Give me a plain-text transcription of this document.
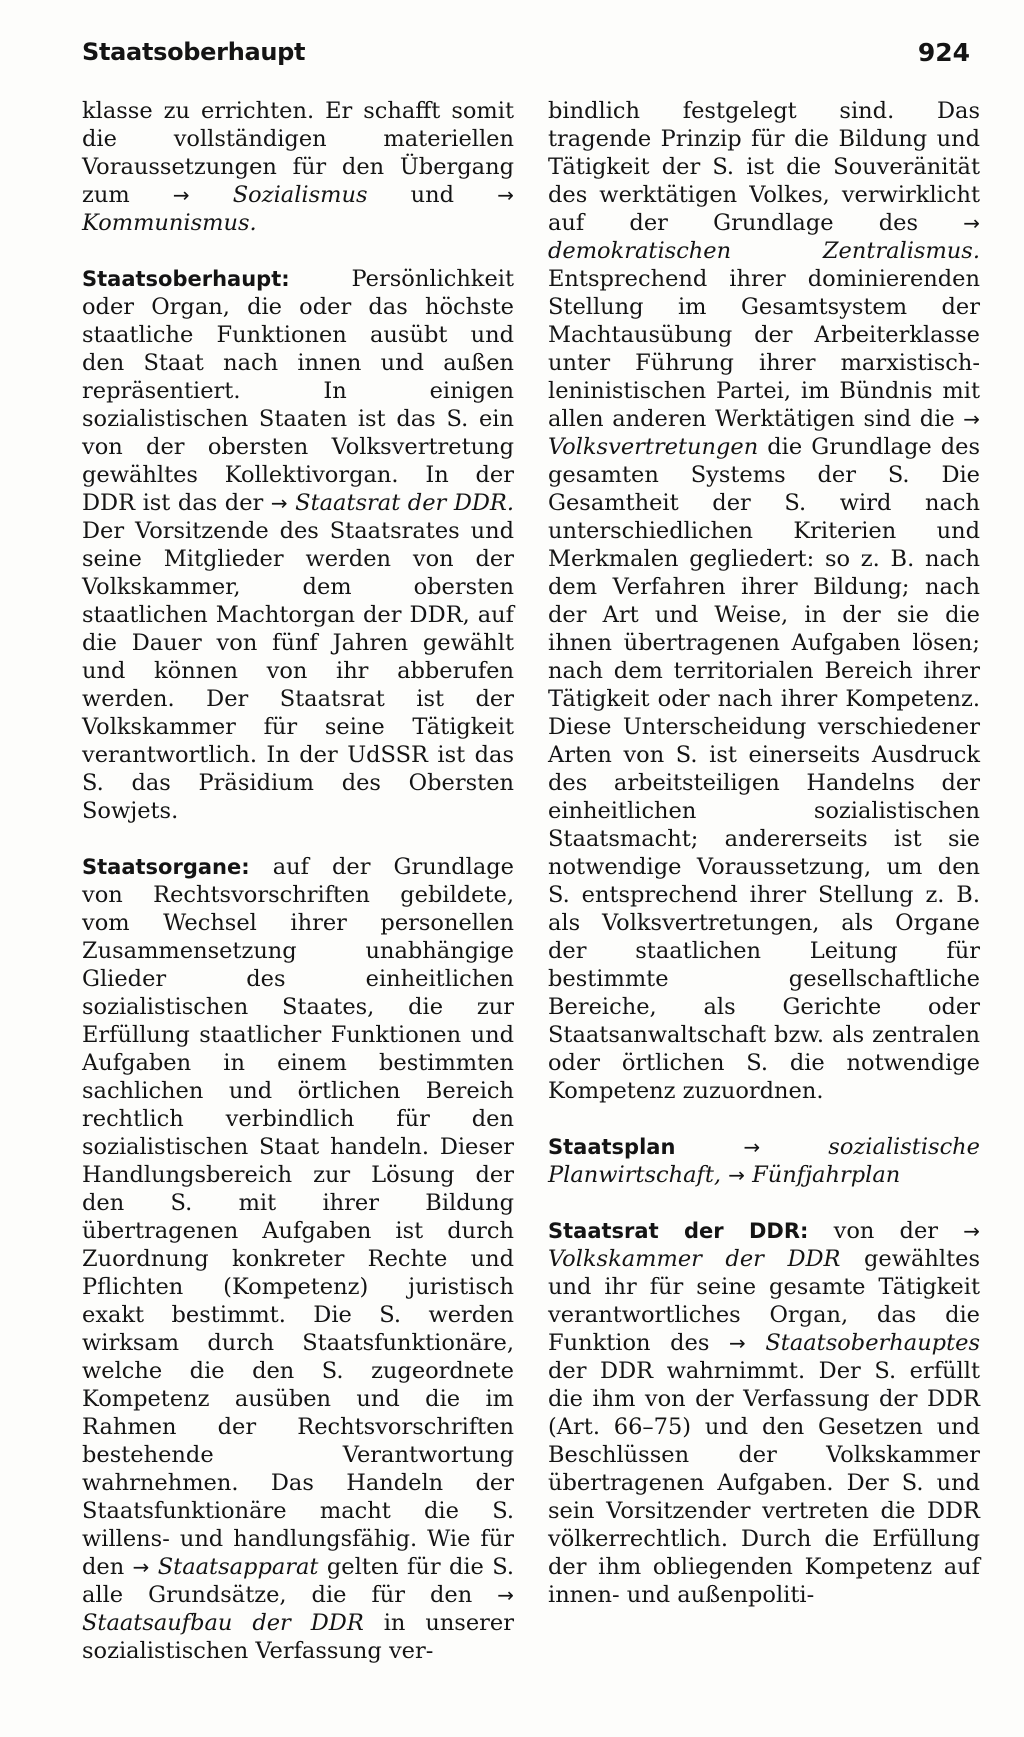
Staatsoberhaupt	924

klasse zu errichten. Er schafft somit die vollständigen materiellen Voraussetzungen für den Übergang zum → Sozialismus und → Kommunismus.

Staatsoberhaupt: Persönlichkeit oder Organ, die oder das höchste staatliche Funktionen ausübt und den Staat nach innen und außen repräsentiert. In einigen sozialistischen Staaten ist das S. ein von der obersten Volksvertretung gewähltes Kollektivorgan. In der DDR ist das der → Staatsrat der DDR. Der Vorsitzende des Staatsrates und seine Mitglieder werden von der Volkskammer, dem obersten staatlichen Machtorgan der DDR, auf die Dauer von fünf Jahren gewählt und können von ihr abberufen werden. Der Staatsrat ist der Volkskammer für seine Tätigkeit verantwortlich. In der UdSSR ist das S. das Präsidium des Obersten Sowjets.

Staatsorgane: auf der Grundlage von Rechtsvorschriften gebildete, vom Wechsel ihrer personellen Zusammensetzung unabhängige Glieder des einheitlichen sozialistischen Staates, die zur Erfüllung staatlicher Funktionen und Aufgaben in einem bestimmten sachlichen und örtlichen Bereich rechtlich verbindlich für den sozialistischen Staat handeln. Dieser Handlungsbereich zur Lösung der den S. mit ihrer Bildung übertragenen Aufgaben ist durch Zuordnung konkreter Rechte und Pflichten (Kompetenz) juristisch exakt bestimmt. Die S. werden wirksam durch Staatsfunktionäre, welche die den S. zugeordnete Kompetenz ausüben und die im Rahmen der Rechtsvorschriften bestehende Verantwortung wahrnehmen. Das Handeln der Staatsfunktionäre macht die S. willens- und handlungsfähig. Wie für den → Staatsapparat gelten für die S. alle Grundsätze, die für den → Staatsaufbau der DDR in unserer sozialistischen Verfassung ver-

bindlich festgelegt sind. Das tragende Prinzip für die Bildung und Tätigkeit der S. ist die Souveränität des werktätigen Volkes, verwirklicht auf der Grundlage des → demokratischen Zentralismus. Entsprechend ihrer dominierenden Stellung im Gesamtsystem der Machtausübung der Arbeiterklasse unter Führung ihrer marxistisch-leninistischen Partei, im Bündnis mit allen anderen Werktätigen sind die → Volksvertretungen die Grundlage des gesamten Systems der S. Die Gesamtheit der S. wird nach unterschiedlichen Kriterien und Merkmalen gegliedert: so z. B. nach dem Verfahren ihrer Bildung; nach der Art und Weise, in der sie die ihnen übertragenen Aufgaben lösen; nach dem territorialen Bereich ihrer Tätigkeit oder nach ihrer Kompetenz. Diese Unterscheidung verschiedener Arten von S. ist einerseits Ausdruck des arbeitsteiligen Handelns der einheitlichen sozialistischen Staatsmacht; andererseits ist sie notwendige Voraussetzung, um den S. entsprechend ihrer Stellung z. B. als Volksvertretungen, als Organe der staatlichen Leitung für bestimmte gesellschaftliche Bereiche, als Gerichte oder Staatsanwaltschaft bzw. als zentralen oder örtlichen S. die notwendige Kompetenz zuzuordnen.

Staatsplan	→	sozialistische Planwirtschaft, → Fünfjahrplan

Staatsrat der DDR: von der → Volkskammer der DDR gewähltes und ihr für seine gesamte Tätigkeit verantwortliches Organ, das die Funktion des → Staatsoberhauptes der DDR wahrnimmt. Der S. erfüllt die ihm von der Verfassung der DDR (Art. 66–75) und den Gesetzen und Beschlüssen der Volkskammer übertragenen Aufgaben. Der S. und sein Vorsitzender vertreten die DDR völkerrechtlich. Durch die Erfüllung der ihm obliegenden Kompetenz auf innen- und außenpoliti-
